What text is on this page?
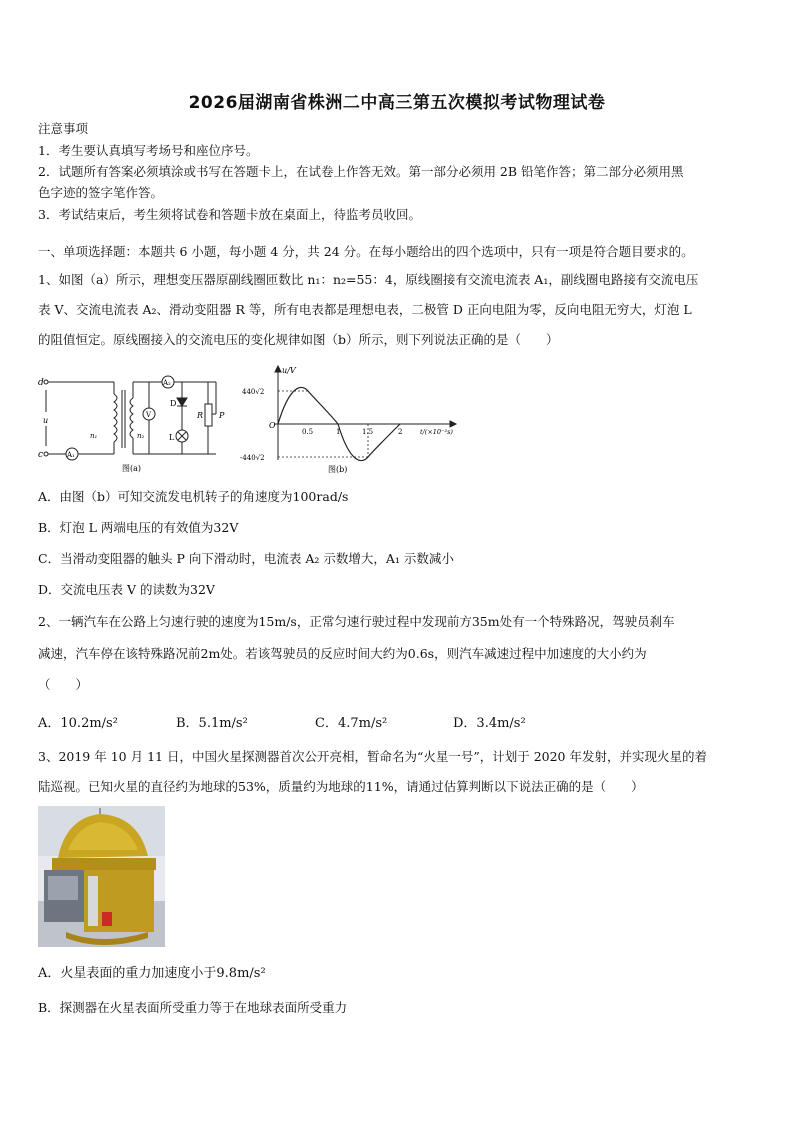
2026届湖南省株洲二中高三第五次模拟考试物理试卷
注意事项
1．考生要认真填写考场号和座位序号。
2．试题所有答案必须填涂或书写在答题卡上，在试卷上作答无效。第一部分必须用 2B 铅笔作答；第二部分必须用黑
色字迹的签字笔作答。
3．考试结束后，考生须将试卷和答题卡放在桌面上，待监考员收回。
一、单项选择题：本题共 6 小题，每小题 4 分，共 24 分。在每小题给出的四个选项中，只有一项是符合题目要求的。
1、如图（a）所示，理想变压器原副线圈匝数比 n₁：n₂=55：4，原线圈接有交流电流表 A₁，副线圈电路接有交流电压
表 V、交流电流表 A₂、滑动变阻器 R 等，所有电表都是理想电表，二极管 D 正向电阻为零，反向电阻无穷大，灯泡 L
的阻值恒定。原线圈接入的交流电压的变化规律如图（b）所示，则下列说法正确的是（　　）
d
c
u
n₁	n₂
A₁
A₂
V
D
L
R P
图(a)
u/V
440√2
-440√2
O
0.5	1	1.5	2	t/(×10⁻²s)
图(b)
A．由图（b）可知交流发电机转子的角速度为100rad/s
B．灯泡 L 两端电压的有效值为32V
C．当滑动变阻器的触头 P 向下滑动时，电流表 A₂ 示数增大，A₁ 示数减小
D．交流电压表 V 的读数为32V
2、一辆汽车在公路上匀速行驶的速度为15m/s，正常匀速行驶过程中发现前方35m处有一个特殊路况，驾驶员刹车
减速，汽车停在该特殊路况前2m处。若该驾驶员的反应时间大约为0.6s，则汽车减速过程中加速度的大小约为
（　　）
A．10.2m/s²	B．5.1m/s²	C．4.7m/s²	D．3.4m/s²
3、2019 年 10 月 11 日，中国火星探测器首次公开亮相，暂命名为“火星一号”，计划于 2020 年发射，并实现火星的着
陆巡视。已知火星的直径约为地球的53%，质量约为地球的11%，请通过估算判断以下说法正确的是（　　）
A．火星表面的重力加速度小于9.8m/s²
B．探测器在火星表面所受重力等于在地球表面所受重力
